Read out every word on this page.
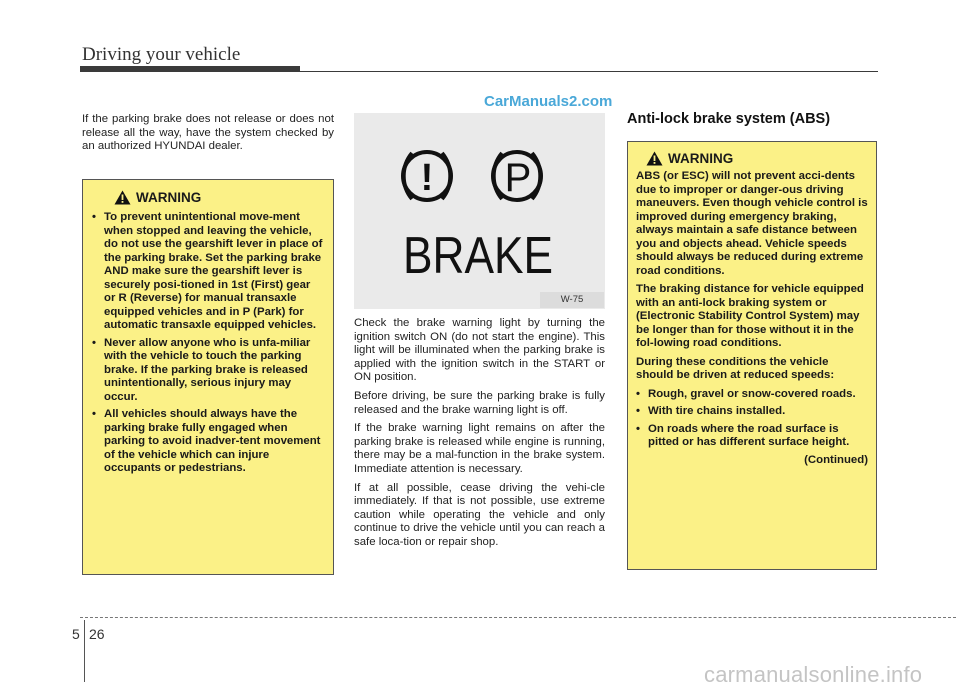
Driving your vehicle
CarManuals2.com
If the parking brake does not release or does not release all the way, have the system checked by an authorized HYUNDAI dealer.
WARNING
• To prevent unintentional move-ment when stopped and leaving the vehicle, do not use the gearshift lever in place of the parking brake. Set the parking brake AND make sure the gearshift lever is securely posi-tioned in 1st (First) gear or R (Reverse) for manual transaxle equipped vehicles and in P (Park) for automatic transaxle equipped vehicles.
• Never allow anyone who is unfa-miliar with the vehicle to touch the parking brake. If the parking brake is released unintentionally, serious injury may occur.
• All vehicles should always have the parking brake fully engaged when parking to avoid inadver-tent movement of the vehicle which can injure occupants or pedestrians.
! P
BRAKE
W-75

Check the brake warning light by turning the ignition switch ON (do not start the engine). This light will be illuminated when the parking brake is applied with the ignition switch in the START or ON position.

Before driving, be sure the parking brake is fully released and the brake warning light is off.

If the brake warning light remains on after the parking brake is released while engine is running, there may be a mal-function in the brake system. Immediate attention is necessary.

If at all possible, cease driving the vehi-cle immediately. If that is not possible, use extreme caution while operating the vehicle and only continue to drive the vehicle until you can reach a safe loca-tion or repair shop.

Anti-lock brake system (ABS)
WARNING

ABS (or ESC) will not prevent acci-dents due to improper or danger-ous driving maneuvers. Even though vehicle control is improved during emergency braking, always maintain a safe distance between you and objects ahead. Vehicle speeds should always be reduced during extreme road conditions.

The braking distance for vehicle equipped with an anti-lock braking system or (Electronic Stability Control System) may be longer than for those without it in the fol-lowing road conditions.

During these conditions the vehicle should be driven at reduced speeds:

• Rough, gravel or snow-covered roads.
• With tire chains installed.
• On roads where the road surface is pitted or has different surface height.
(Continued)
5 26
carmanualsonline.info
